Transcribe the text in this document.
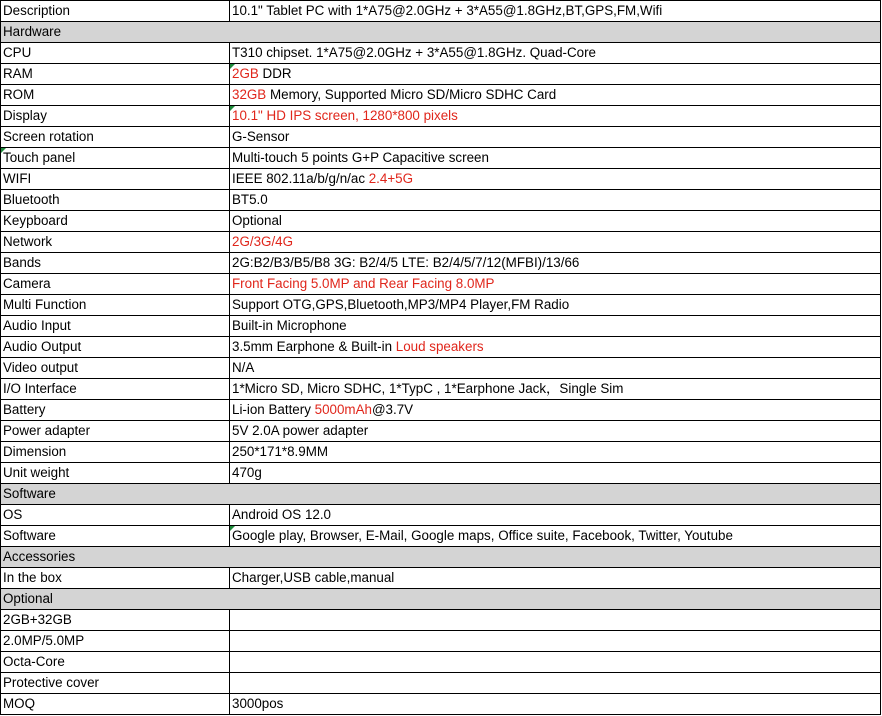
Description	10.1" Tablet PC with 1*A75@2.0GHz + 3*A55@1.8GHz,BT,GPS,FM,Wifi
Hardware	
CPU	T310 chipset. 1*A75@2.0GHz + 3*A55@1.8GHz. Quad-Core
RAM	2GB DDR
ROM	32GB Memory, Supported Micro SD/Micro SDHC Card
Display	10.1" HD IPS screen, 1280*800 pixels
Screen rotation	G-Sensor
Touch panel	Multi-touch 5 points G+P Capacitive screen
WIFI	IEEE 802.11a/b/g/n/ac 2.4+5G
Bluetooth	BT5.0
Keypboard	Optional
Network	2G/3G/4G
Bands	2G:B2/B3/B5/B8 3G: B2/4/5 LTE: B2/4/5/7/12(MFBI)/13/66
Camera	Front Facing 5.0MP and Rear Facing 8.0MP
Multi Function	Support OTG,GPS,Bluetooth,MP3/MP4 Player,FM Radio
Audio Input	Built-in Microphone
Audio Output	3.5mm Earphone & Built-in Loud speakers
Video output	N/A
I/O Interface	1*Micro SD, Micro SDHC, 1*TypC , 1*Earphone Jack，Single Sim
Battery	Li-ion Battery 5000mAh@3.7V
Power adapter	5V 2.0A power adapter
Dimension	250*171*8.9MM
Unit weight	470g
Software	
OS	Android OS 12.0
Software	Google play, Browser, E-Mail, Google maps, Office suite, Facebook, Twitter, Youtube
Accessories	
In the box	Charger,USB cable,manual
Optional	
2GB+32GB	
2.0MP/5.0MP	
Octa-Core	
Protective cover	
MOQ	3000pos
